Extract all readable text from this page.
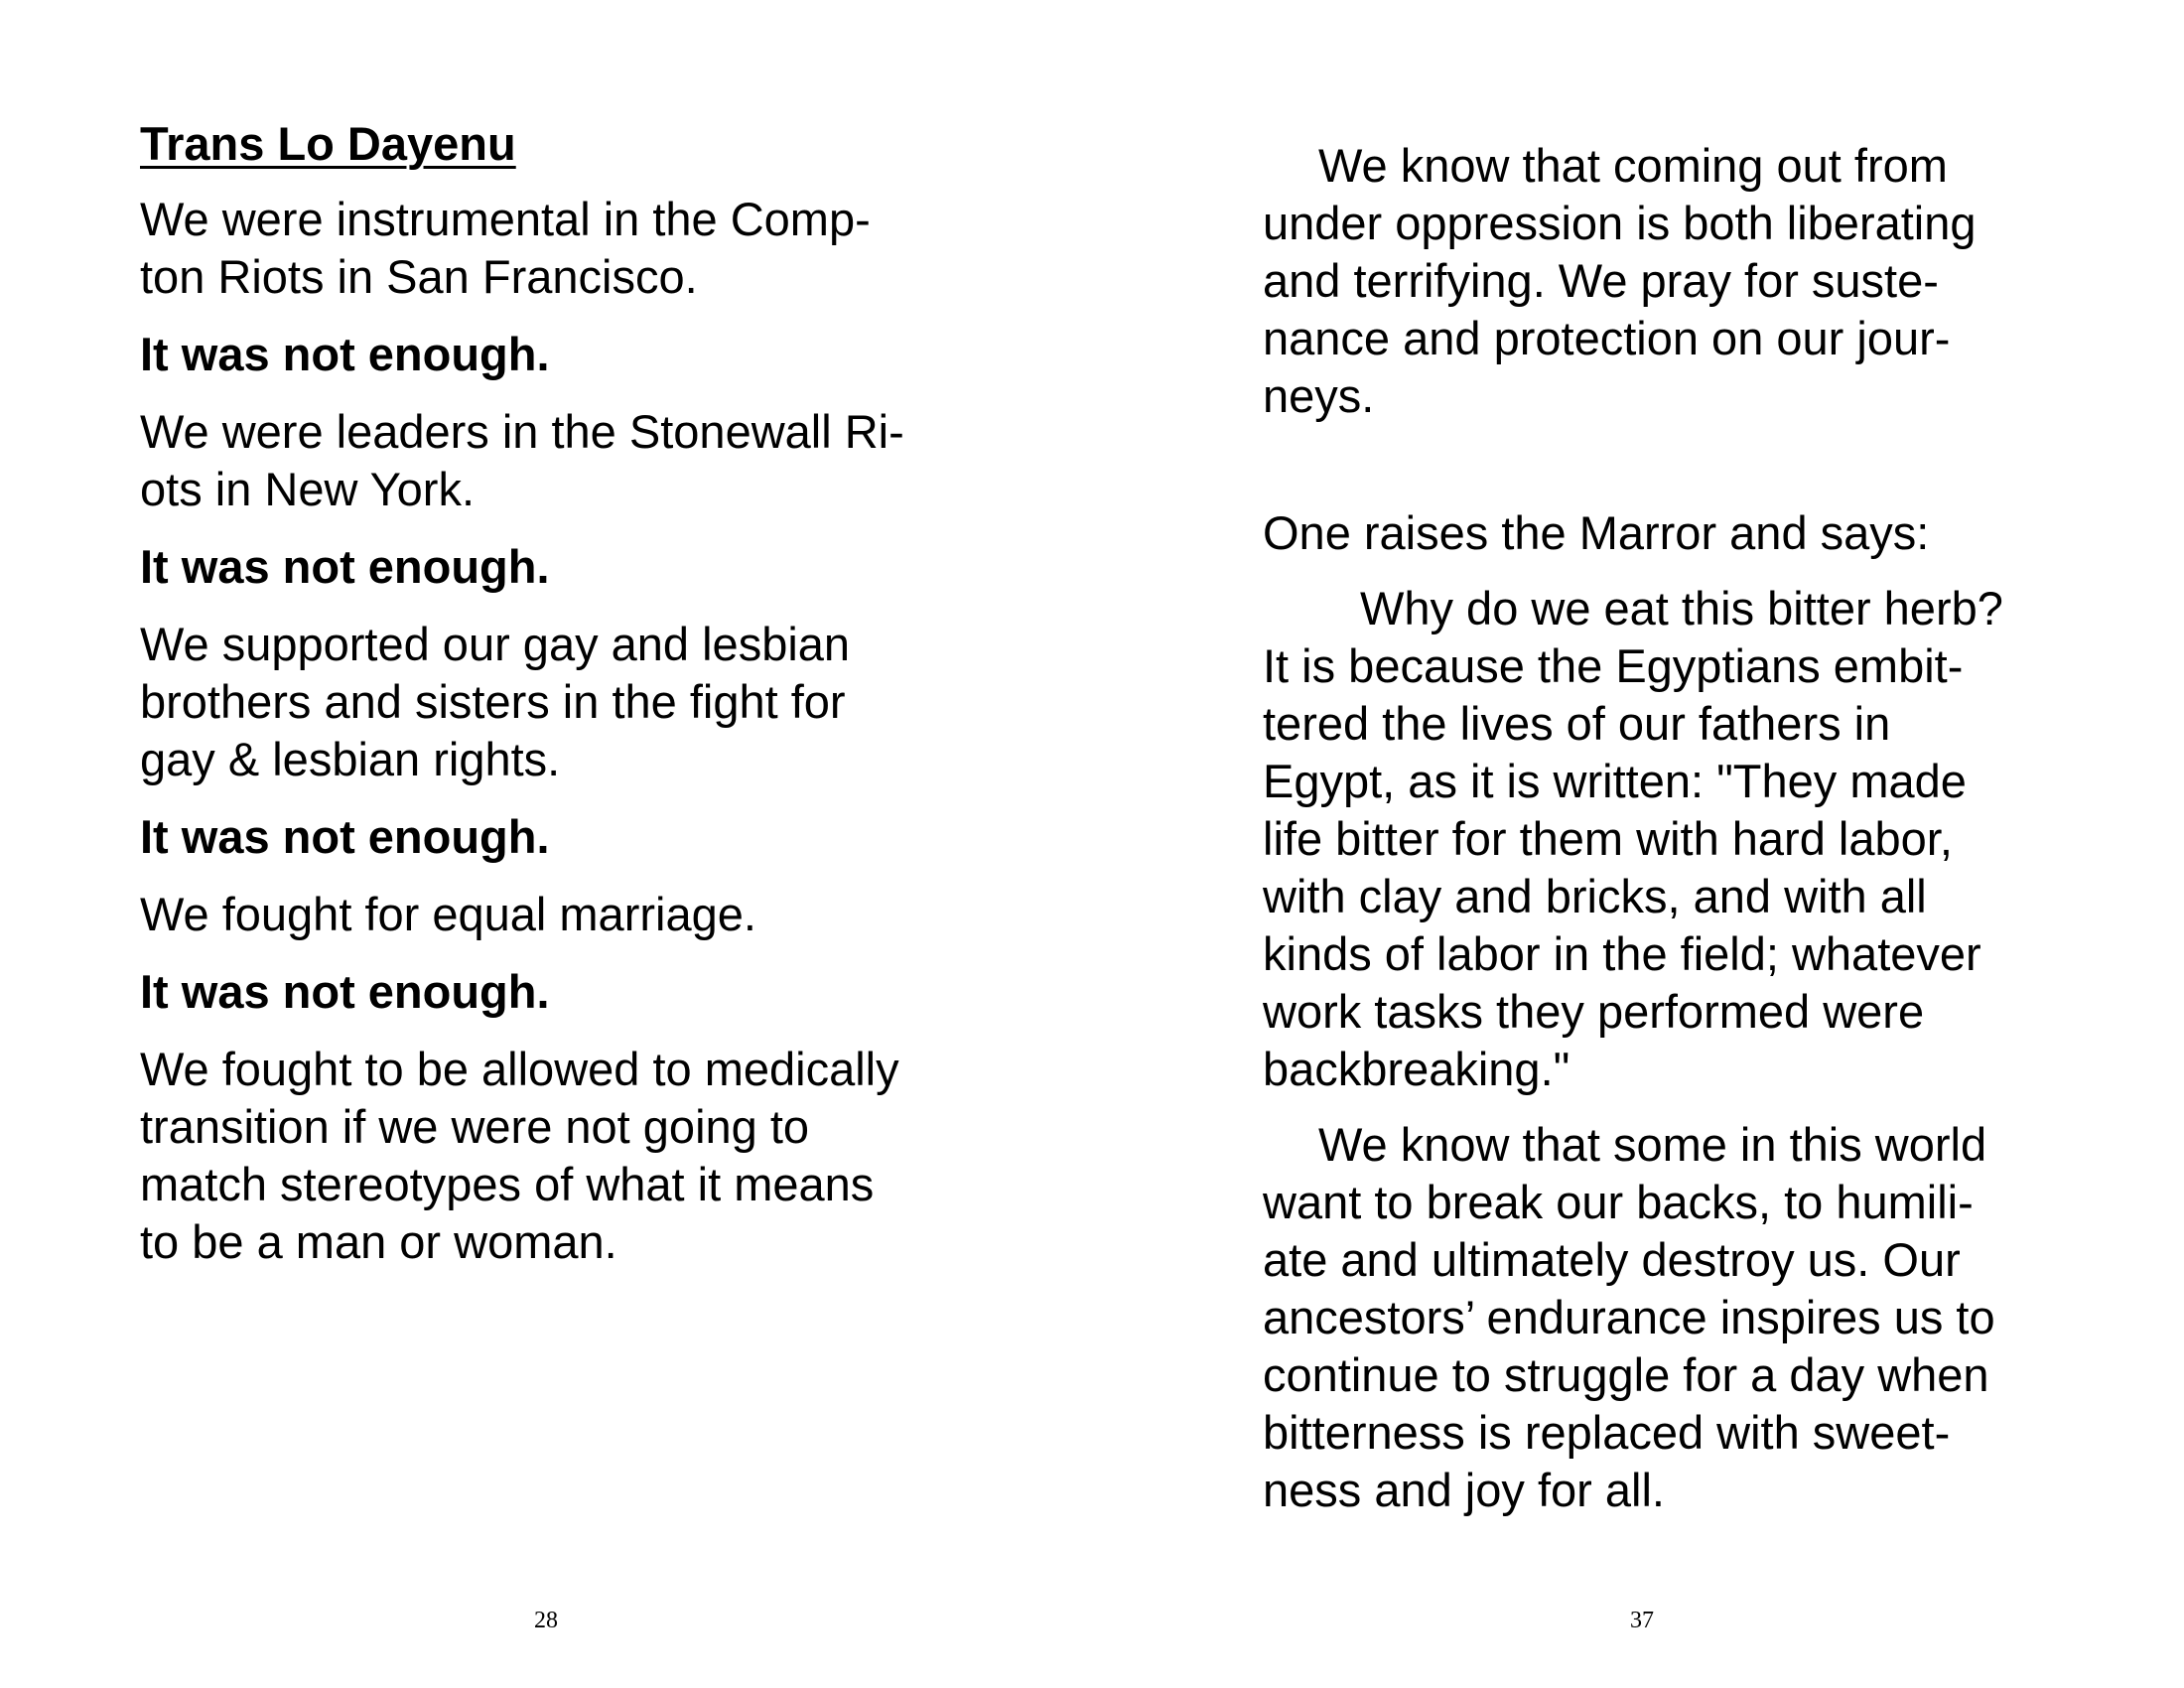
Trans Lo Dayenu

We were instrumental in the Comp-
ton Riots in San Francisco.

It was not enough.

We were leaders in the Stonewall Ri-
ots in New York.

It was not enough.

We supported our gay and lesbian
brothers and sisters in the fight for
gay & lesbian rights.

It was not enough.

We fought for equal marriage.

It was not enough.

We fought to be allowed to medically
transition if we were not going to
match stereotypes of what it means
to be a man or woman.

28

We know that coming out from
under oppression is both liberating
and terrifying. We pray for suste-
nance and protection on our jour-
neys.

One raises the Marror and says:

Why do we eat this bitter herb?
It is because the Egyptians embit-
tered the lives of our fathers in
Egypt, as it is written: "They made
life bitter for them with hard labor,
with clay and bricks, and with all
kinds of labor in the field; whatever
work tasks they performed were
backbreaking."

We know that some in this world
want to break our backs, to humili-
ate and ultimately destroy us. Our
ancestors’ endurance inspires us to
continue to struggle for a day when
bitterness is replaced with sweet-
ness and joy for all.

37
